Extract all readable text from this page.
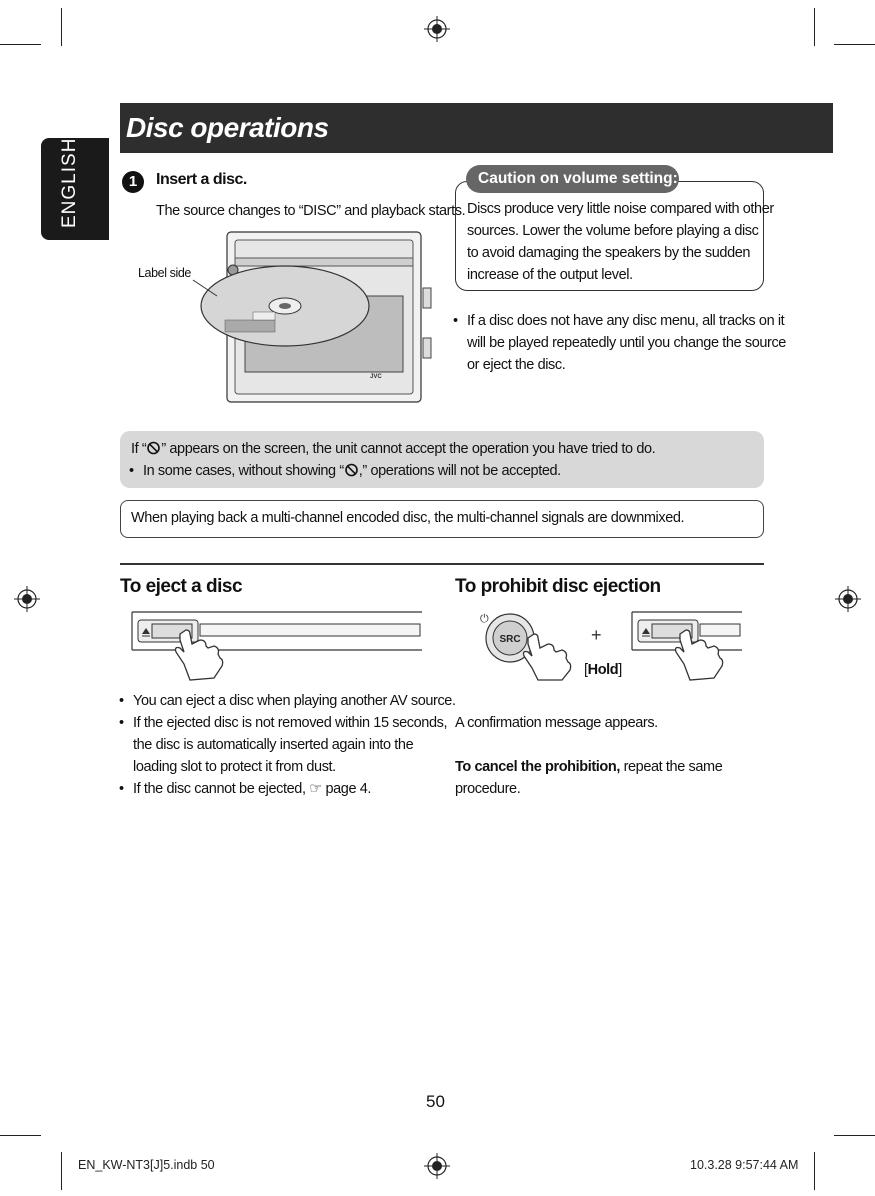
ENGLISH
Disc operations
1	Insert a disc.
The source changes to “DISC” and playback starts.
JVC
Label side
Caution on volume setting:
Discs produce very little noise compared with other
sources. Lower the volume before playing a disc
to avoid damaging the speakers by the sudden
increase of the output level.
• If a disc does not have any disc menu, all tracks on it
will be played repeatedly until you change the source
or eject the disc.
If “ ” appears on the screen, the unit cannot accept the operation you have tried to do.
• In some cases, without showing “ ,” operations will not be accepted.
When playing back a multi-channel encoded disc, the multi-channel signals are downmixed.
To eject a disc
• You can eject a disc when playing another AV source.
• If the ejected disc is not removed within 15 seconds,
the disc is automatically inserted again into the
loading slot to protect it from dust.
• If the disc cannot be ejected, ☞ page 4.
To prohibit disc ejection
⏻
SRC	+
[Hold]
A confirmation message appears.
To cancel the prohibition, repeat the same
procedure.
50
EN_KW-NT3[J]5.indb 50	10.3.28 9:57:44 AM
